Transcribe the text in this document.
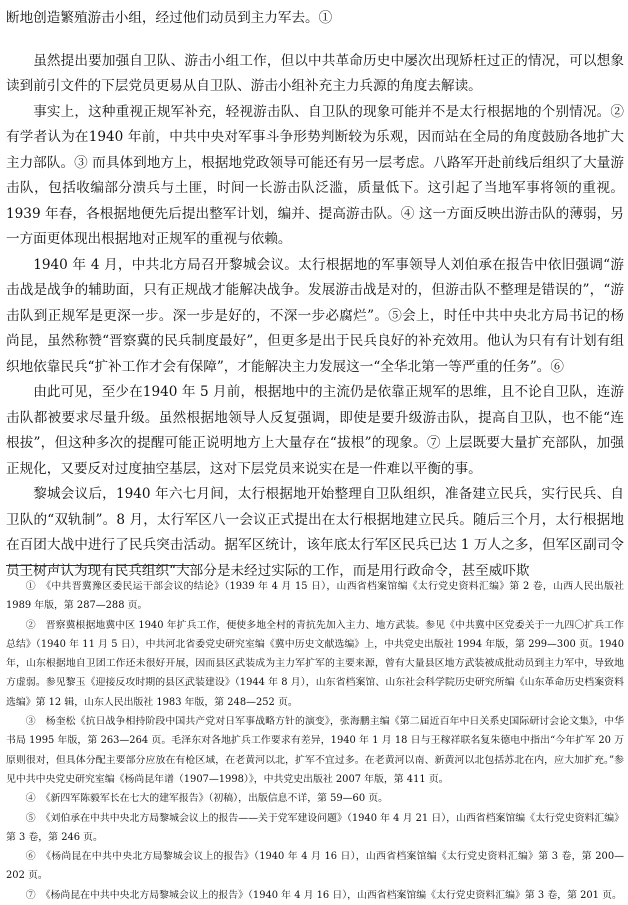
断地创造繁殖游击小组，经过他们动员到主力军去。①

虽然提出要加强自卫队、游击小组工作，但以中共革命历史中屡次出现矫枉过正的情况，可以想象读到前引文件的下层党员更易从自卫队、游击小组补充主力兵源的角度去解读。

事实上，这种重视正规军补充，轻视游击队、自卫队的现象可能并不是太行根据地的个别情况。② 有学者认为在1940 年前，中共中央对军事斗争形势判断较为乐观，因而站在全局的角度鼓励各地扩大主力部队。③ 而具体到地方上，根据地党政领导可能还有另一层考虑。八路军开赴前线后组织了大量游击队，包括收编部分溃兵与土匪，时间一长游击队泛滥，质量低下。这引起了当地军事将领的重视。1939 年春，各根据地便先后提出整军计划，编并、提高游击队。④ 这一方面反映出游击队的薄弱，另一方面更体现出根据地对正规军的重视与依赖。

1940 年 4 月，中共北方局召开黎城会议。太行根据地的军事领导人刘伯承在报告中依旧强调“游击战是战争的辅助面，只有正规战才能解决战争。发展游击战是对的，但游击队不整理是错误的”，“游击队到正规军是更深一步。深一步是好的，不深一步必腐烂”。⑤会上，时任中共中央北方局书记的杨尚昆，虽然称赞“晋察冀的民兵制度最好”，但更多是出于民兵良好的补充效用。他认为只有有计划有组织地依靠民兵“扩补工作才会有保障”，才能解决主力发展这一“全华北第一等严重的任务”。⑥

由此可见，至少在1940 年 5 月前，根据地中的主流仍是依靠正规军的思维，且不论自卫队，连游击队都被要求尽量升级。虽然根据地领导人反复强调，即使是要升级游击队，提高自卫队，也不能“连根拔”，但这种多次的提醒可能正说明地方上大量存在“拔根”的现象。⑦ 上层既要大量扩充部队，加强正规化，又要反对过度抽空基层，这对下层党员来说实在是一件难以平衡的事。

黎城会议后，1940 年六七月间，太行根据地开始整理自卫队组织，准备建立民兵，实行民兵、自卫队的“双轨制”。8 月，太行军区八一会议正式提出在太行根据地建立民兵。随后三个月，太行根据地在百团大战中进行了民兵突击活动。据军区统计，该年底太行军区民兵已达 1 万人之多，但军区副司令员王树声认为现有民兵组织“大部分是未经过实际的工作，而是用行政命令，甚至威吓欺

①　《中共晋冀豫区委民运干部会议的结论》（1939 年 4 月 15 日），山西省档案馆编《太行党史资料汇编》第 2 卷，山西人民出版社 1989 年版，第 287—288 页。

②　晋察冀根据地冀中区 1940 年扩兵工作，便使多地全村的青抗先加入主力、地方武装。参见《中共冀中区党委关于一九四〇扩兵工作总结》（1940 年 11 月 5 日），中共河北省委党史研究室编《冀中历史文献选编》上，中共党史出版社 1994 年版，第 299—300 页。1940 年，山东根据地自卫团工作还未很好开展，因而县区武装成为主力军扩军的主要来源，曾有大量县区地方武装被成批动员到主力军中，导致地方虚弱。参见黎玉《迎接反攻时期的县区武装建设》（1944 年 8 月），山东省档案馆、山东社会科学院历史研究所编《山东革命历史档案资料选编》第 12 辑，山东人民出版社 1983 年版，第 248—252 页。

③　杨奎松《抗日战争相持阶段中国共产党对日军事战略方针的演变》，张海鹏主编《第二届近百年中日关系史国际研讨会论文集》，中华书局 1995 年版，第 263—264 页。毛泽东对各地扩兵工作要求有差异，1940 年 1 月 18 日与王稼祥联名复朱德电中指出“今年扩军 20 万原则很对，但具体分配主要部分应放在有枪区域，在老黄河以北，扩军不宜过多。在老黄河以南、新黄河以北包括苏北在内，应大加扩充。”参见中共中央党史研究室编《杨尚昆年谱（1907—1998）》，中共党史出版社 2007 年版，第 411 页。

④　《新四军陈毅军长在七大的建军报告》（初稿），出版信息不详，第 59—60 页。

⑤　《刘伯承在中共中央北方局黎城会议上的报告——关于党军建设问题》（1940 年 4 月 21 日），山西省档案馆编《太行党史资料汇编》第 3 卷，第 246 页。

⑥　《杨尚昆在中共中央北方局黎城会议上的报告》（1940 年 4 月 16 日），山西省档案馆编《太行党史资料汇编》第 3 卷，第 200—202 页。

⑦　《杨尚昆在中共中央北方局黎城会议上的报告》（1940 年 4 月 16 日），山西省档案馆编《太行党史资料汇编》第 3 卷，第 201 页。
